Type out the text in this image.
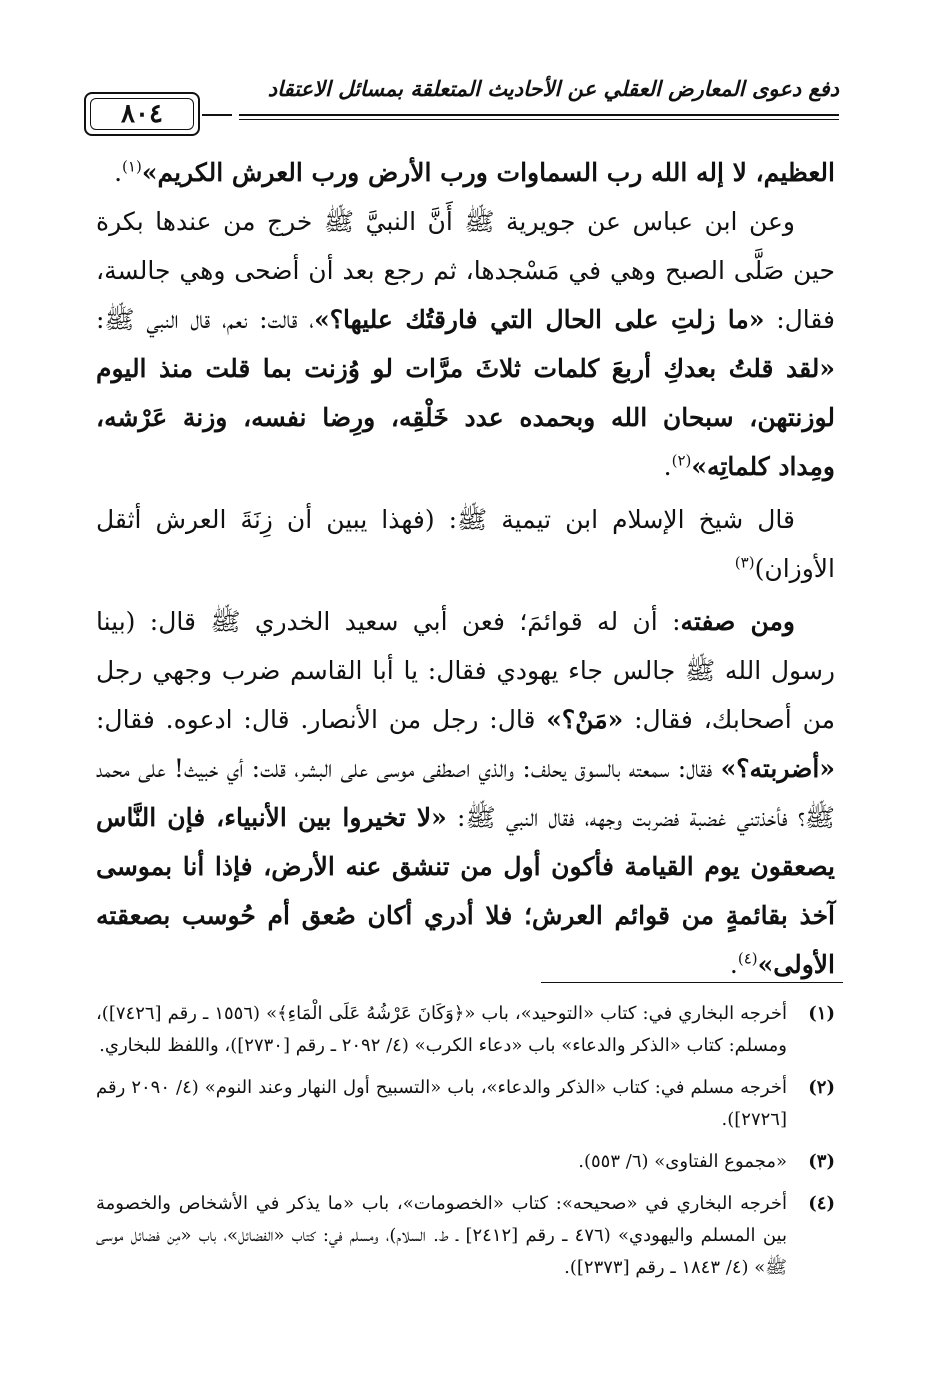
دفع دعوى المعارض العقلي عن الأحاديث المتعلقة بمسائل الاعتقاد
٨٠٤

العظيم، لا إله الله رب السماوات ورب الأرض ورب العرش الكريم»$^{(١)}$.

وعن ابن عباس عن جويرية ﷺ أَنَّ النبيَّ ﷺ خرج من عندها بكرة حين صَلَّى الصبح وهي في مَسْجدها، ثم رجع بعد أن أضحى وهي جالسة، فقال: «ما زلتِ على الحال التي فارقتُك عليها؟»، قالت: نعم، قال النبي ﷺ: «لقد قلتُ بعدكِ أربعَ كلمات ثلاثَ مرَّات لو وُزنت بما قلت منذ اليوم لوزنتهن، سبحان الله وبحمده عدد خَلْقِه، ورِضا نفسه، وزنة عَرْشه، ومِداد كلماتِه»$^{(٢)}$.

قال شيخ الإسلام ابن تيمية ﷺ: (فهذا يبين أن زِنَةَ العرش أثقل الأوزان)$^{(٣)}$

ومن صفته: أن له قوائمَ؛ فعن أبي سعيد الخدري ﷺ قال: (بينا رسول الله ﷺ جالس جاء يهودي فقال: يا أبا القاسم ضرب وجهي رجل من أصحابك، فقال: «مَنْ؟» قال: رجل من الأنصار. قال: ادعوه. فقال: «أضربته؟» فقال: سمعته بالسوق يحلف: والذي اصطفى موسى على البشر، قلت: أي خبيث! على محمد ﷺ؟ فأخذتني غضبة فضربت وجهه، فقال النبي ﷺ: «لا تخيروا بين الأنبياء، فإن النَّاس يصعقون يوم القيامة فأكون أول من تنشق عنه الأرض، فإذا أنا بموسى آخذ بقائمةٍ من قوائم العرش؛ فلا أدري أكان صُعق أم حُوسب بصعقته الأولى»$^{(٤)}$.

(١)
أخرجه البخاري في: كتاب «التوحيد»، باب «﴿وَكَانَ عَرْشُهُ عَلَى الْمَاءِ﴾» (١٥٥٦ ـ رقم [٧٤٢٦])، ومسلم: كتاب «الذكر والدعاء» باب «دعاء الكرب» (٤/ ٢٠٩٢ ـ رقم [٢٧٣٠])، واللفظ للبخاري.
(٢)
أخرجه مسلم في: كتاب «الذكر والدعاء»، باب «التسبيح أول النهار وعند النوم» (٤/ ٢٠٩٠ رقم [٢٧٢٦]).
(٣)
«مجموع الفتاوى» (٦/ ٥٥٣).
(٤)
أخرجه البخاري في «صحيحه»: كتاب «الخصومات»، باب «ما يذكر في الأشخاص والخصومة بين المسلم واليهودي» (٤٧٦ ـ رقم [٢٤١٢] ـ ط. السلام)، ومسلم في: كتاب «الفضائل»، باب «مِن فضائل موسى ﷺ» (٤/ ١٨٤٣ ـ رقم [٢٣٧٣]).
